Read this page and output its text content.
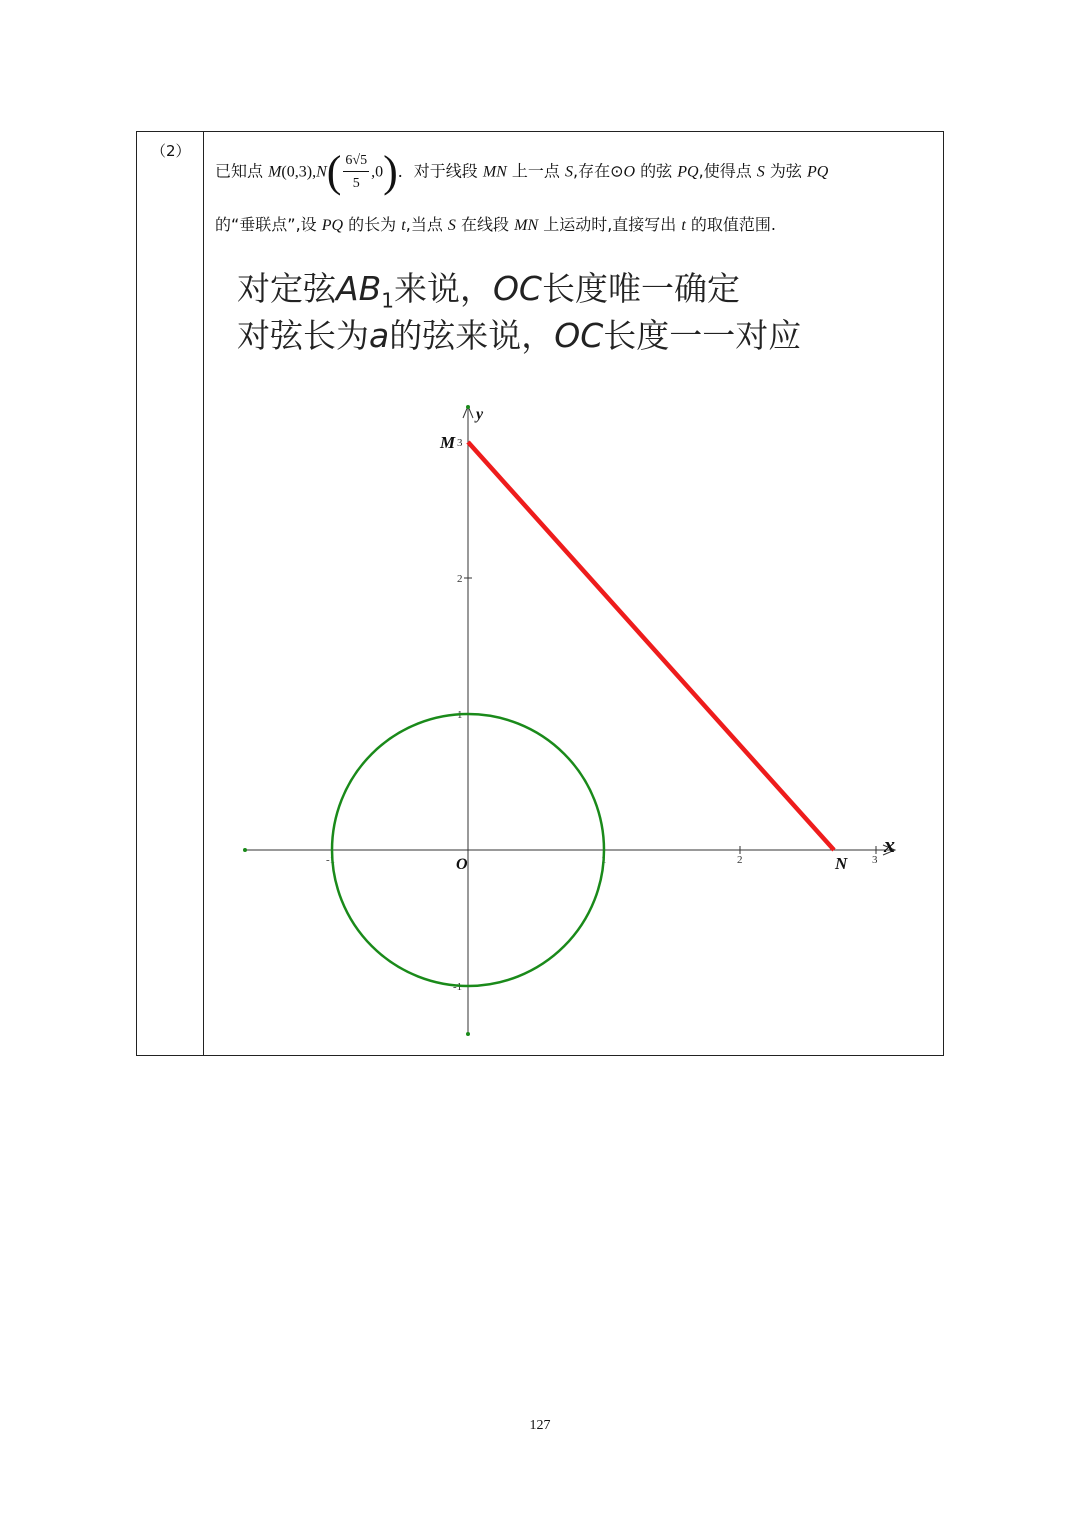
（2）
已知点 $M(0,3),N( \frac{6√5}{5} ,0)$．对于线段 MN 上一点 S,存在⊙O 的弦 PQ,使得点 S 为弦 PQ
的“垂联点”,设 PQ 的长为 t,当点 S 在线段 MN 上运动时,直接写出 t 的取值范围.
对定弦$AB_1$来说，OC长度唯一确定
对弦长为a的弦来说，OC长度一一对应
-1	1	2	3
3
2
1
-1
x
y
O
M
N
127
